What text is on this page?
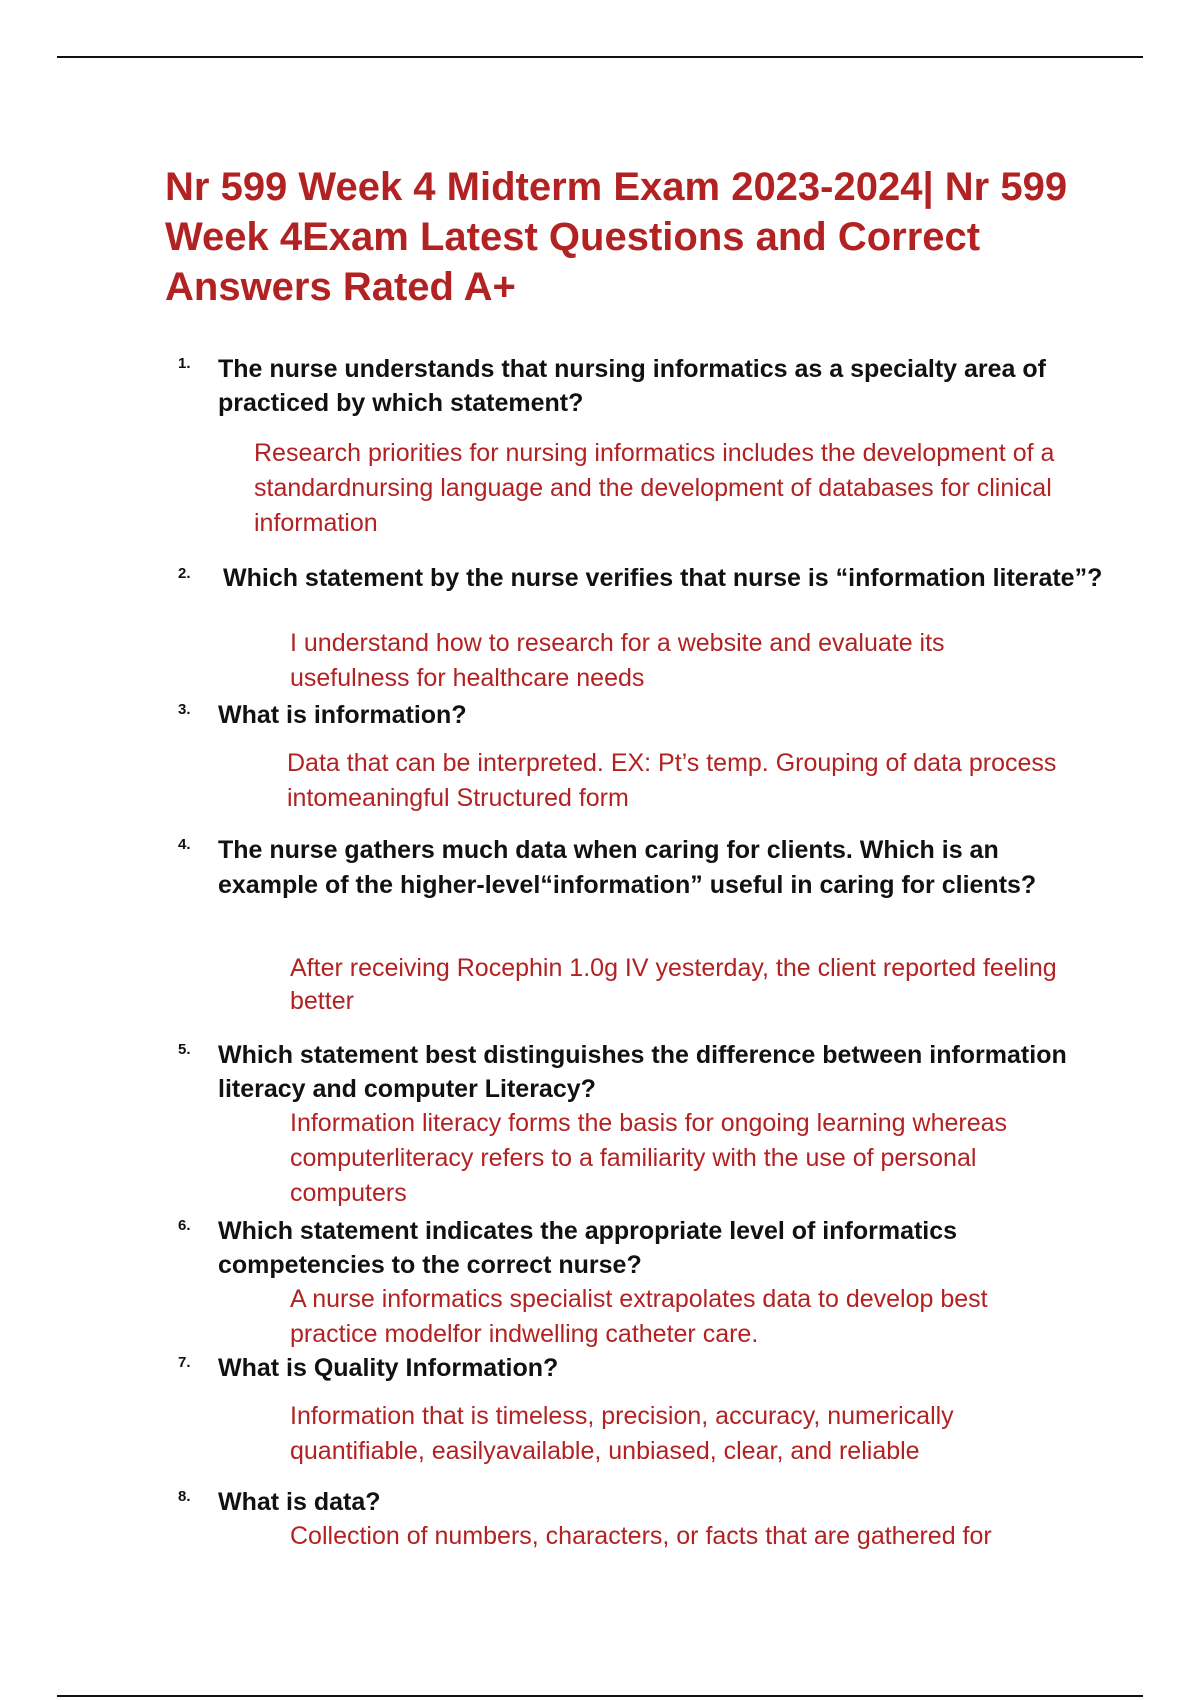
Nr 599 Week 4 Midterm Exam 2023-2024| Nr 599 Week 4Exam Latest Questions and Correct Answers Rated A+
1. The nurse understands that nursing informatics as a specialty area of practiced by which statement?

Research priorities for nursing informatics includes the development of a standardnursing language and the development of databases for clinical information

2. Which statement by the nurse verifies that nurse is “information literate”?

I understand how to research for a website and evaluate its usefulness for healthcare needs

3. What is information?

Data that can be interpreted. EX: Pt’s temp. Grouping of data process intomeaningful Structured form

4. The nurse gathers much data when caring for clients. Which is an example of the higher-level“information” useful in caring for clients?

After receiving Rocephin 1.0g IV yesterday, the client reported feeling better

5. Which statement best distinguishes the difference between information literacy and computer Literacy?

Information literacy forms the basis for ongoing learning whereas computerliteracy refers to a familiarity with the use of personal computers

6. Which statement indicates the appropriate level of informatics competencies to the correct nurse?

A nurse informatics specialist extrapolates data to develop best practice modelfor indwelling catheter care.

7. What is Quality Information?

Information that is timeless, precision, accuracy, numerically quantifiable, easilyavailable, unbiased, clear, and reliable

8. What is data?

Collection of numbers, characters, or facts that are gathered for
